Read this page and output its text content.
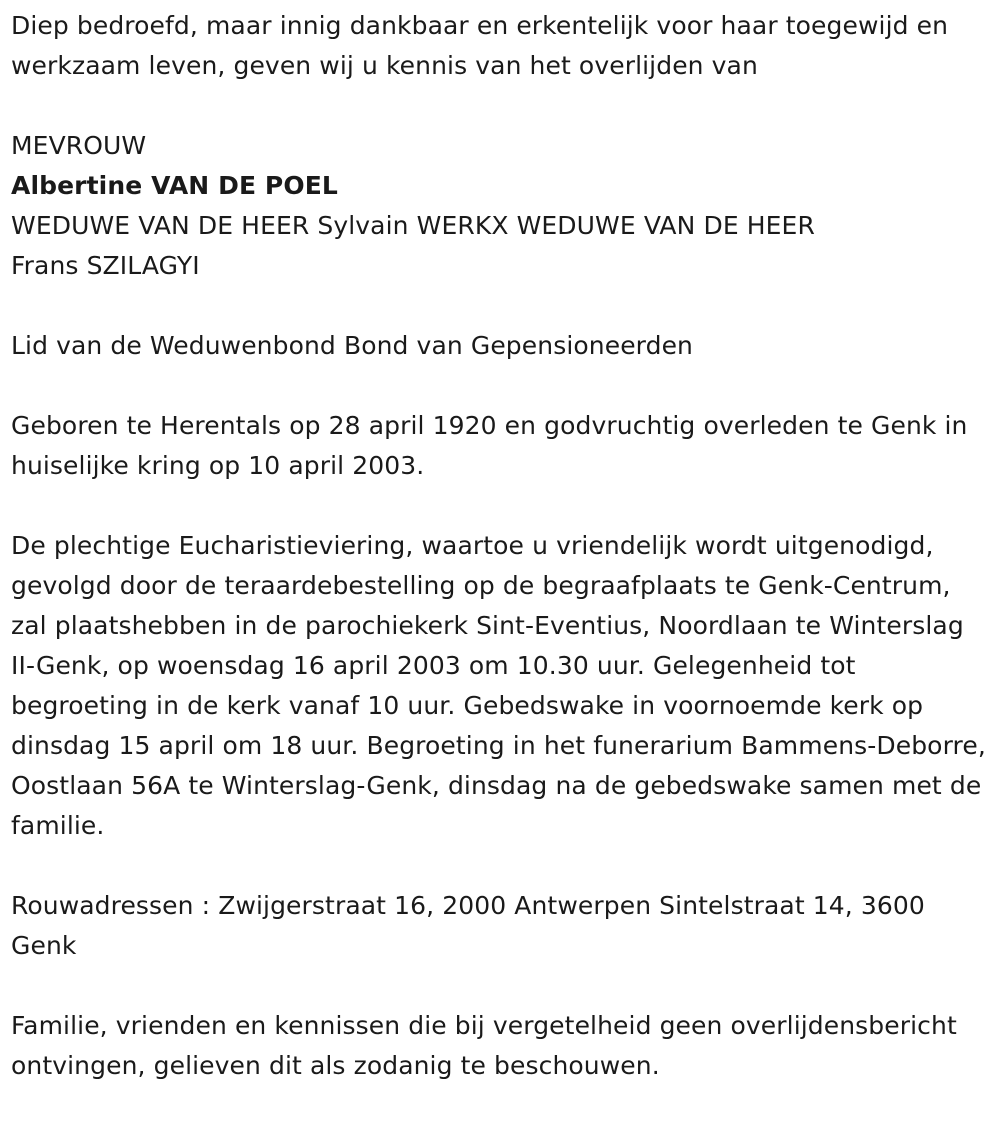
Diep bedroefd, maar innig dankbaar en erkentelijk voor haar toegewijd en werkzaam leven, geven wij u kennis van het overlijden van

MEVROUW

Albertine VAN DE POEL

WEDUWE VAN DE HEER Sylvain WERKX WEDUWE VAN DE HEER

Frans SZILAGYI

Lid van de Weduwenbond Bond van Gepensioneerden

Geboren te Herentals op 28 april 1920 en godvruchtig overleden te Genk in huiselijke kring op 10 april 2003.

De plechtige Eucharistieviering, waartoe u vriendelijk wordt uitgenodigd, gevolgd door de teraardebestelling op de begraafplaats te Genk-Centrum, zal plaatshebben in de parochiekerk Sint-Eventius, Noordlaan te Winterslag II-Genk, op woensdag 16 april 2003 om 10.30 uur. Gelegenheid tot begroeting in de kerk vanaf 10 uur. Gebedswake in voornoemde kerk op dinsdag 15 april om 18 uur. Begroeting in het funerarium Bammens-Deborre, Oostlaan 56A te Winterslag-Genk, dinsdag na de gebedswake samen met de familie.

Rouwadressen : Zwijgerstraat 16, 2000 Antwerpen Sintelstraat 14, 3600 Genk

Familie, vrienden en kennissen die bij vergetelheid geen overlijdensbericht ontvingen, gelieven dit als zodanig te beschouwen.
